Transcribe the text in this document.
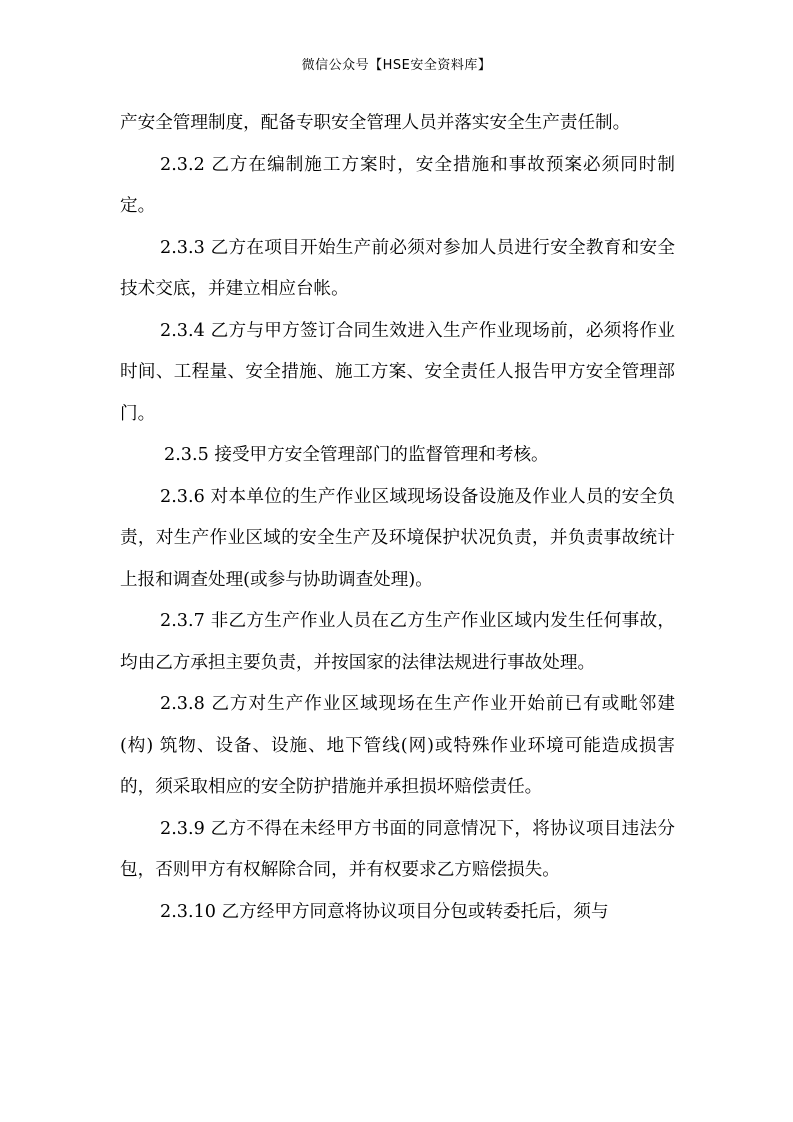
微信公众号【HSE安全资料库】

产安全管理制度，配备专职安全管理人员并落实安全生产责任制。

2.3.2 乙方在编制施工方案时，安全措施和事故预案必须同时制定。

2.3.3 乙方在项目开始生产前必须对参加人员进行安全教育和安全技术交底，并建立相应台帐。

2.3.4 乙方与甲方签订合同生效进入生产作业现场前，必须将作业时间、工程量、安全措施、施工方案、安全责任人报告甲方安全管理部门。

2.3.5 接受甲方安全管理部门的监督管理和考核。

2.3.6 对本单位的生产作业区域现场设备设施及作业人员的安全负责，对生产作业区域的安全生产及环境保护状况负责，并负责事故统计上报和调查处理(或参与协助调查处理)。

2.3.7 非乙方生产作业人员在乙方生产作业区域内发生任何事故，均由乙方承担主要负责，并按国家的法律法规进行事故处理。

2.3.8 乙方对生产作业区域现场在生产作业开始前已有或毗邻建(构) 筑物、设备、设施、地下管线(网)或特殊作业环境可能造成损害的，须采取相应的安全防护措施并承担损坏赔偿责任。

2.3.9 乙方不得在未经甲方书面的同意情况下，将协议项目违法分包，否则甲方有权解除合同，并有权要求乙方赔偿损失。

2.3.10 乙方经甲方同意将协议项目分包或转委托后，须与
